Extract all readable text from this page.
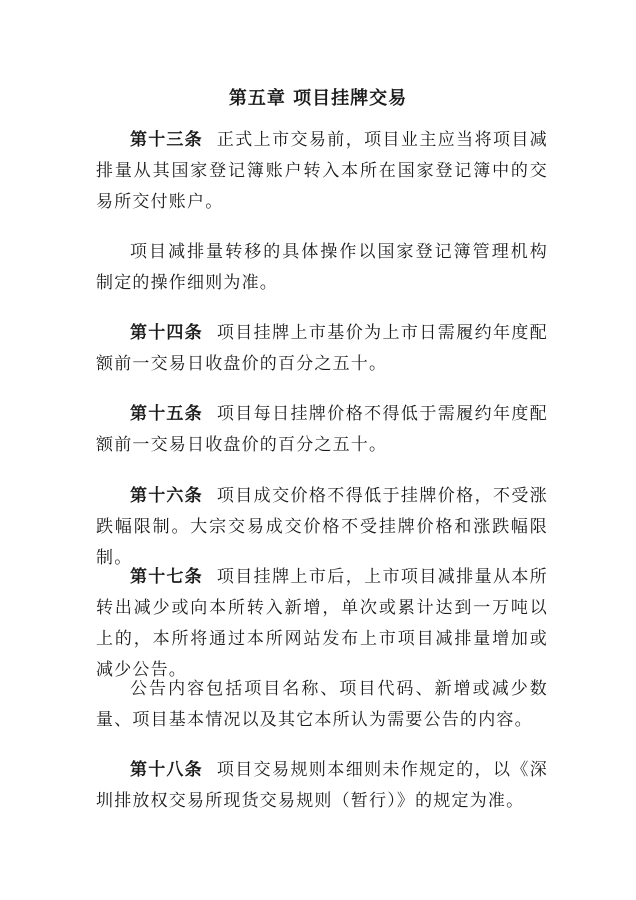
第五章 项目挂牌交易
第十三条 正式上市交易前，项目业主应当将项目减排量从其国家登记簿账户转入本所在国家登记簿中的交易所交付账户。
项目减排量转移的具体操作以国家登记簿管理机构制定的操作细则为准。
第十四条 项目挂牌上市基价为上市日需履约年度配额前一交易日收盘价的百分之五十。
第十五条 项目每日挂牌价格不得低于需履约年度配额前一交易日收盘价的百分之五十。
第十六条 项目成交价格不得低于挂牌价格，不受涨跌幅限制。大宗交易成交价格不受挂牌价格和涨跌幅限制。
第十七条 项目挂牌上市后，上市项目减排量从本所转出减少或向本所转入新增，单次或累计达到一万吨以上的，本所将通过本所网站发布上市项目减排量增加或减少公告。
公告内容包括项目名称、项目代码、新增或减少数量、项目基本情况以及其它本所认为需要公告的内容。
第十八条 项目交易规则本细则未作规定的，以《深圳排放权交易所现货交易规则（暂行）》的规定为准。
